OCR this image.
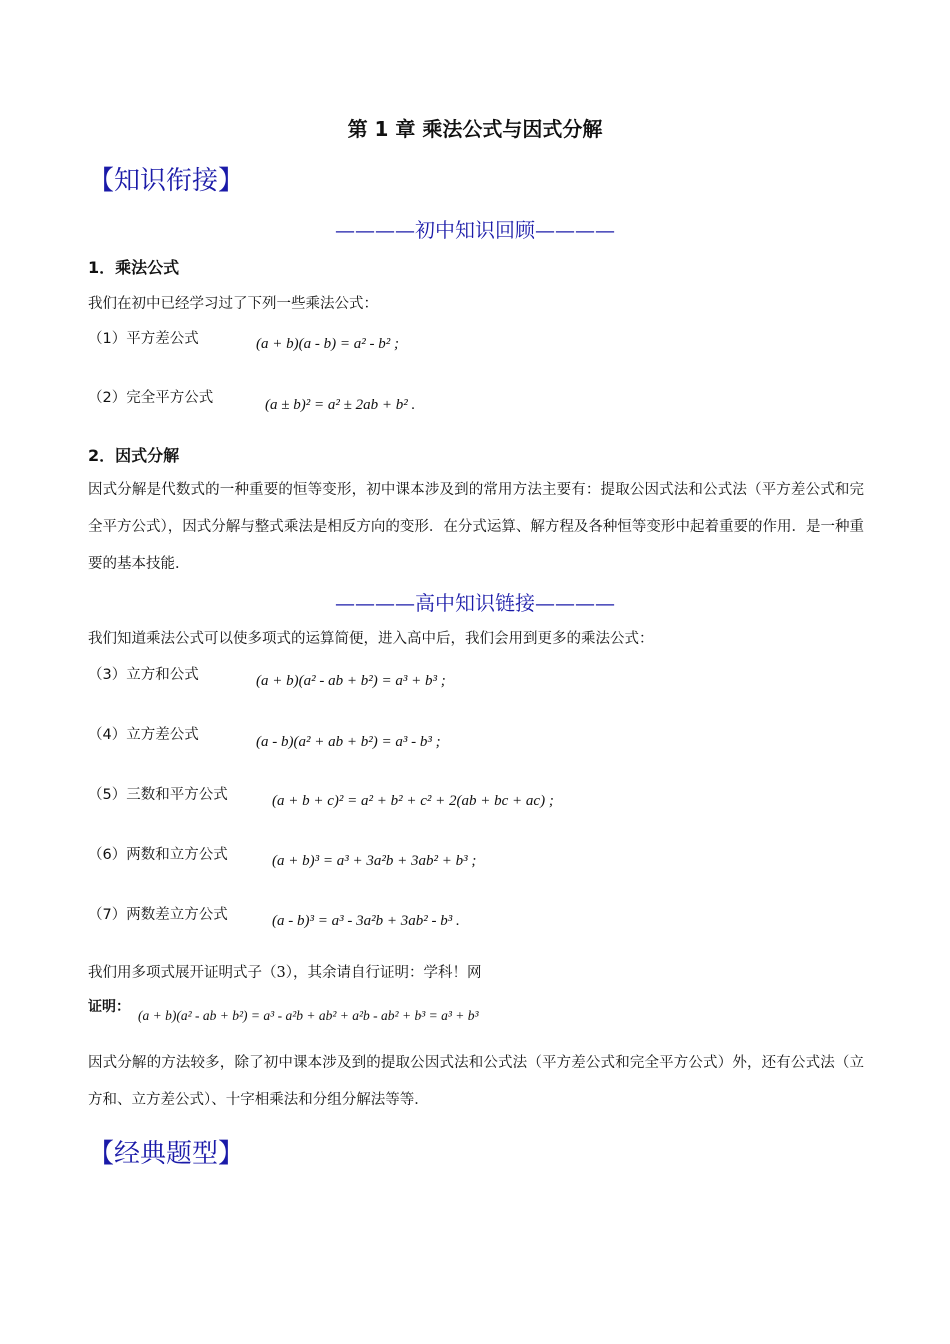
第 1 章 乘法公式与因式分解
【知识衔接】
————初中知识回顾————
1．乘法公式
我们在初中已经学习过了下列一些乘法公式：
（1）平方差公式	(a + b)(a - b) = a² - b² ;
（2）完全平方公式	(a ± b)² = a² ± 2ab + b² .
2．因式分解
因式分解是代数式的一种重要的恒等变形，初中课本涉及到的常用方法主要有：提取公因式法和公式法（平方差公式和完全平方公式），因式分解与整式乘法是相反方向的变形．在分式运算、解方程及各种恒等变形中起着重要的作用．是一种重要的基本技能．
————高中知识链接————
我们知道乘法公式可以使多项式的运算简便，进入高中后，我们会用到更多的乘法公式：
（3）立方和公式	(a + b)(a² - ab + b²) = a³ + b³ ;
（4）立方差公式	(a - b)(a² + ab + b²) = a³ - b³ ;
（5）三数和平方公式	(a + b + c)² = a² + b² + c² + 2(ab + bc + ac) ;
（6）两数和立方公式	(a + b)³ = a³ + 3a²b + 3ab² + b³ ;
（7）两数差立方公式	(a - b)³ = a³ - 3a²b + 3ab² - b³ .
我们用多项式展开证明式子（3），其余请自行证明：学科！网
证明：
(a + b)(a² - ab + b²) = a³ - a²b + ab² + a²b - ab² + b³ = a³ + b³
因式分解的方法较多，除了初中课本涉及到的提取公因式法和公式法（平方差公式和完全平方公式）外，还有公式法（立方和、立方差公式）、十字相乘法和分组分解法等等．
【经典题型】
